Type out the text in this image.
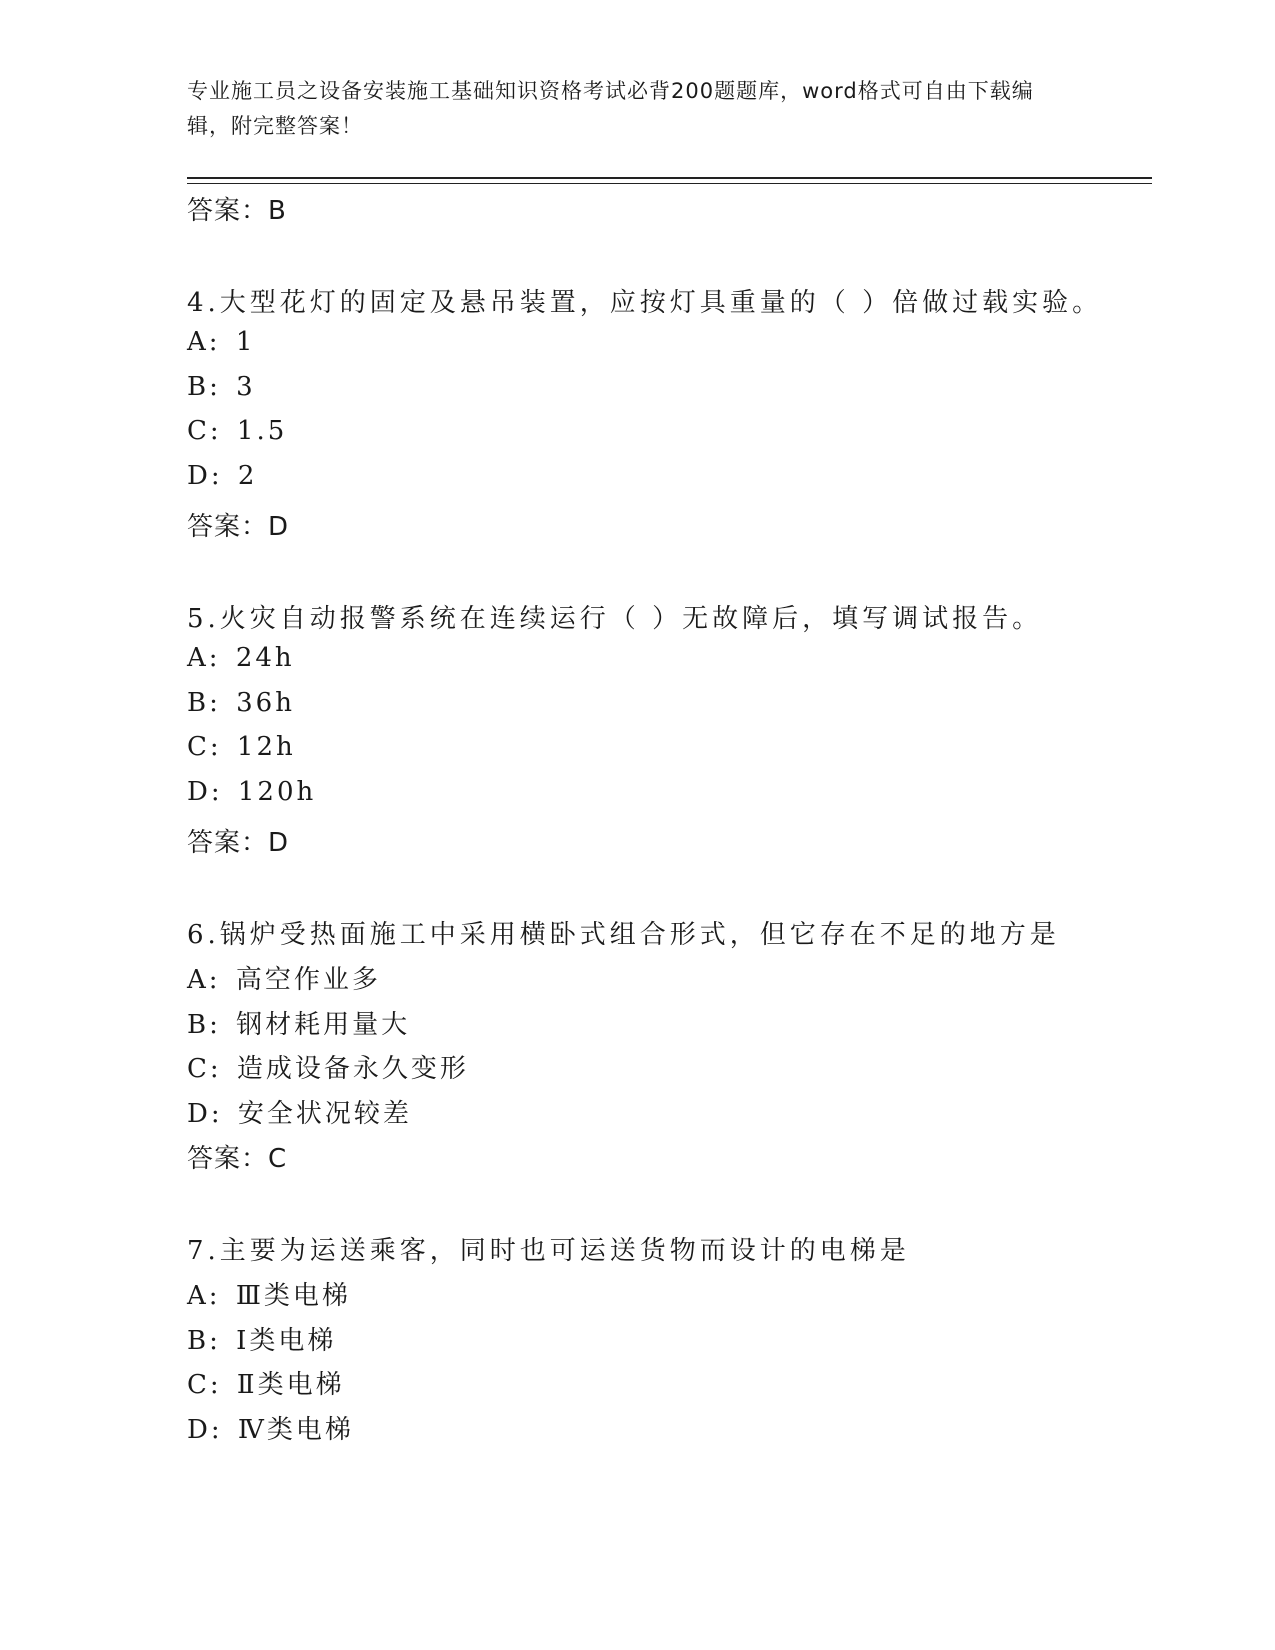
专业施工员之设备安装施工基础知识资格考试必背200题题库，word格式可自由下载编辑，附完整答案！
答案：B
4.大型花灯的固定及悬吊装置，应按灯具重量的（ ）倍做过载实验。
A: 1
B: 3
C: 1.5
D: 2
答案：D
5.火灾自动报警系统在连续运行（ ）无故障后，填写调试报告。
A: 24h
B: 36h
C: 12h
D: 120h
答案：D
6.锅炉受热面施工中采用横卧式组合形式，但它存在不足的地方是
A: 高空作业多
B: 钢材耗用量大
C: 造成设备永久变形
D: 安全状况较差
答案：C
7.主要为运送乘客，同时也可运送货物而设计的电梯是
A: Ⅲ类电梯
B: Ⅰ类电梯
C: Ⅱ类电梯
D: Ⅳ类电梯
